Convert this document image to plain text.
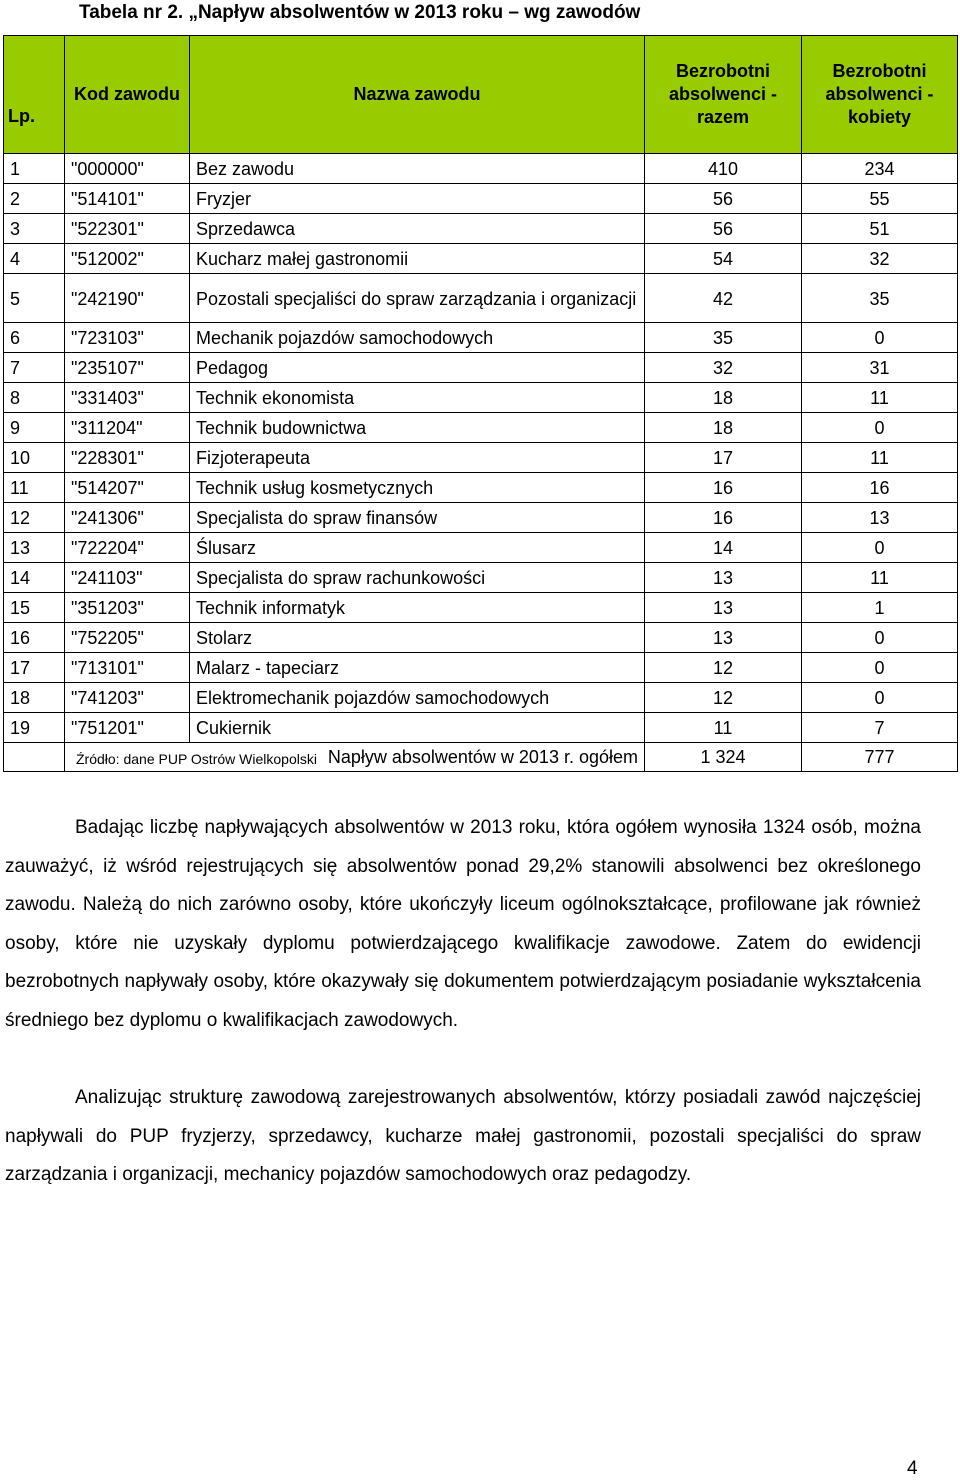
Tabela nr 2. „Napływ absolwentów w 2013 roku – wg zawodów
Lp.	Kod zawodu	Nazwa zawodu	Bezrobotni absolwenci - razem	Bezrobotni absolwenci - kobiety
1	"000000"	Bez zawodu	410	234
2	"514101"	Fryzjer	56	55
3	"522301"	Sprzedawca	56	51
4	"512002"	Kucharz małej gastronomii	54	32
5	"242190"	Pozostali specjaliści do spraw zarządzania i organizacji	42	35
6	"723103"	Mechanik pojazdów samochodowych	35	0
7	"235107"	Pedagog	32	31
8	"331403"	Technik ekonomista	18	11
9	"311204"	Technik budownictwa	18	0
10	"228301"	Fizjoterapeuta	17	11
11	"514207"	Technik usług kosmetycznych	16	16
12	"241306"	Specjalista do spraw finansów	16	13
13	"722204"	Ślusarz	14	0
14	"241103"	Specjalista do spraw rachunkowości	13	11
15	"351203"	Technik informatyk	13	1
16	"752205"	Stolarz	13	0
17	"713101"	Malarz - tapeciarz	12	0
18	"741203"	Elektromechanik pojazdów samochodowych	12	0
19	"751201"	Cukiernik	11	7
	Napływ absolwentów w 2013 r. ogółem		1 324	777
Źródło: dane PUP Ostrów Wielkopolski
Badając liczbę napływających absolwentów w 2013 roku, która ogółem wynosiła 1324 osób, można zauważyć, iż wśród rejestrujących się absolwentów ponad 29,2% stanowili absolwenci bez określonego zawodu. Należą do nich zarówno osoby, które ukończyły liceum ogólnokształcące, profilowane jak również osoby, które nie uzyskały dyplomu potwierdzającego kwalifikacje zawodowe. Zatem do ewidencji bezrobotnych napływały osoby, które okazywały się dokumentem potwierdzającym posiadanie wykształcenia średniego bez dyplomu o kwalifikacjach zawodowych.
Analizując strukturę zawodową zarejestrowanych absolwentów, którzy posiadali zawód najczęściej napływali do PUP fryzjerzy, sprzedawcy, kucharze małej gastronomii, pozostali specjaliści do spraw zarządzania i organizacji, mechanicy pojazdów samochodowych oraz pedagodzy.
4
